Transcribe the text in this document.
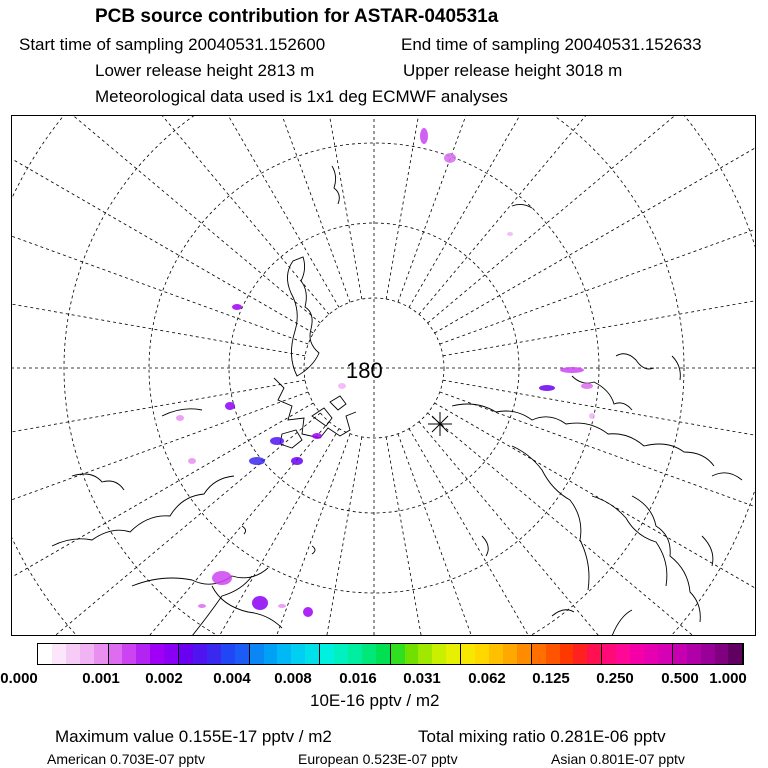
PCB source contribution for ASTAR-040531a
Start time of sampling 20040531.152600	End time of sampling 20040531.152633
Lower release height 2813 m	Upper release height 3018 m
Meteorological data used is 1x1 deg ECMWF analyses
180
0.000	0.001 0.002 0.004 0.008 0.016 0.031 0.062 0.125 0.250 0.500 1.000
10E-16 pptv / m2
Maximum value 0.155E-17 pptv / m2	Total mixing ratio 0.281E-06 pptv
American 0.703E-07 pptv	European 0.523E-07 pptv	Asian 0.801E-07 pptv
